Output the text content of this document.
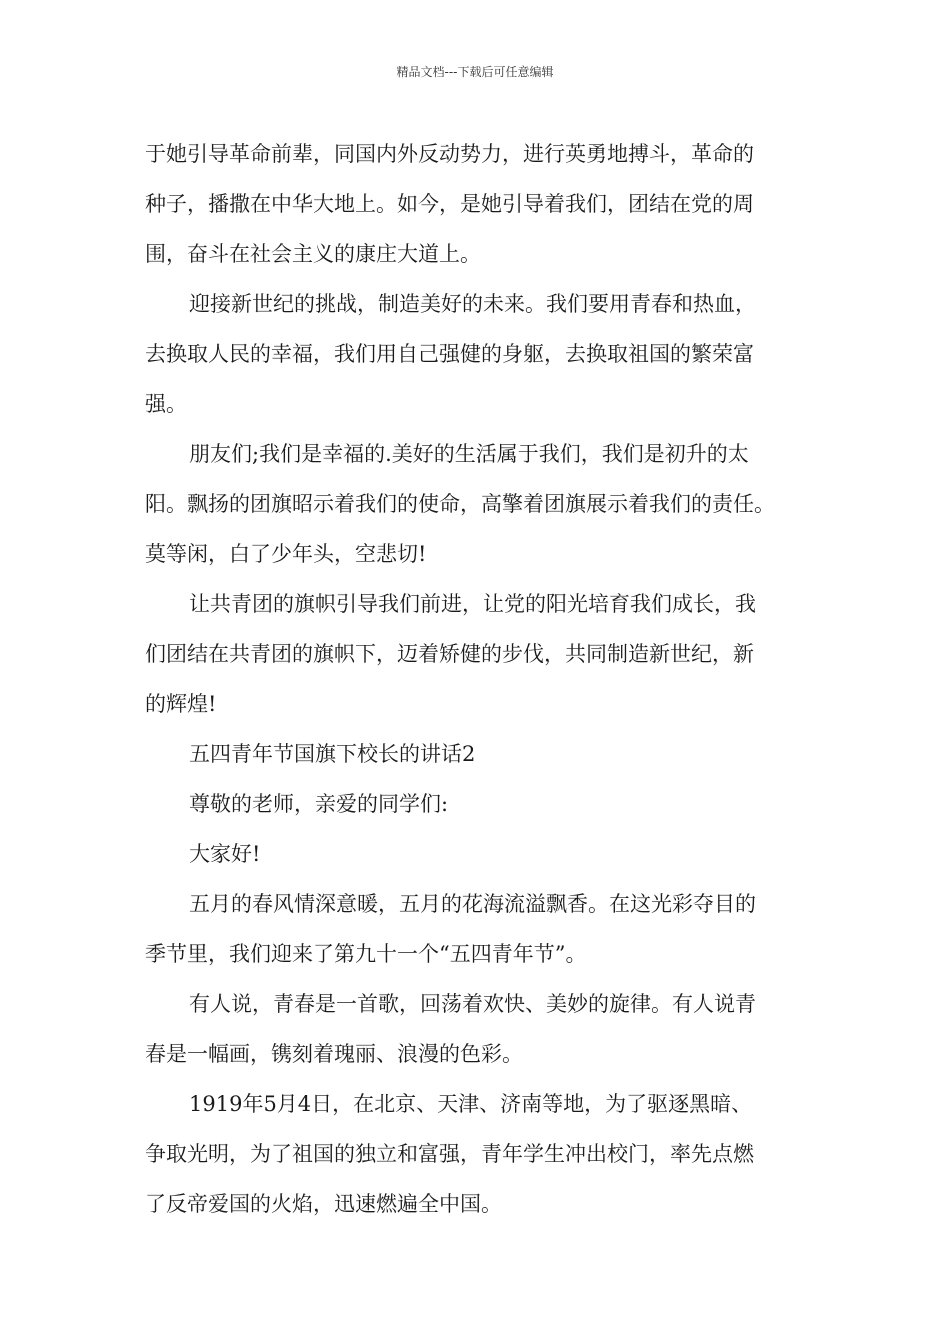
精品文档---下载后可任意编辑
于她引导革命前辈，同国内外反动势力，进行英勇地搏斗，革命的
种子，播撒在中华大地上。如今，是她引导着我们，团结在党的周
围，奋斗在社会主义的康庄大道上。
迎接新世纪的挑战，制造美好的未来。我们要用青春和热血，
去换取人民的幸福，我们用自己强健的身躯，去换取祖国的繁荣富
强。
朋友们;我们是幸福的.美好的生活属于我们，我们是初升的太
阳。飘扬的团旗昭示着我们的使命，高擎着团旗展示着我们的责任。
莫等闲，白了少年头，空悲切!
让共青团的旗帜引导我们前进，让党的阳光培育我们成长，我
们团结在共青团的旗帜下，迈着矫健的步伐，共同制造新世纪，新
的辉煌!
五四青年节国旗下校长的讲话2
尊敬的老师，亲爱的同学们:
大家好!
五月的春风情深意暖，五月的花海流溢飘香。在这光彩夺目的
季节里，我们迎来了第九十一个“五四青年节”。
有人说，青春是一首歌，回荡着欢快、美妙的旋律。有人说青
春是一幅画，镌刻着瑰丽、浪漫的色彩。
1919年5月4日，在北京、天津、济南等地，为了驱逐黑暗、
争取光明，为了祖国的独立和富强，青年学生冲出校门，率先点燃
了反帝爱国的火焰，迅速燃遍全中国。
